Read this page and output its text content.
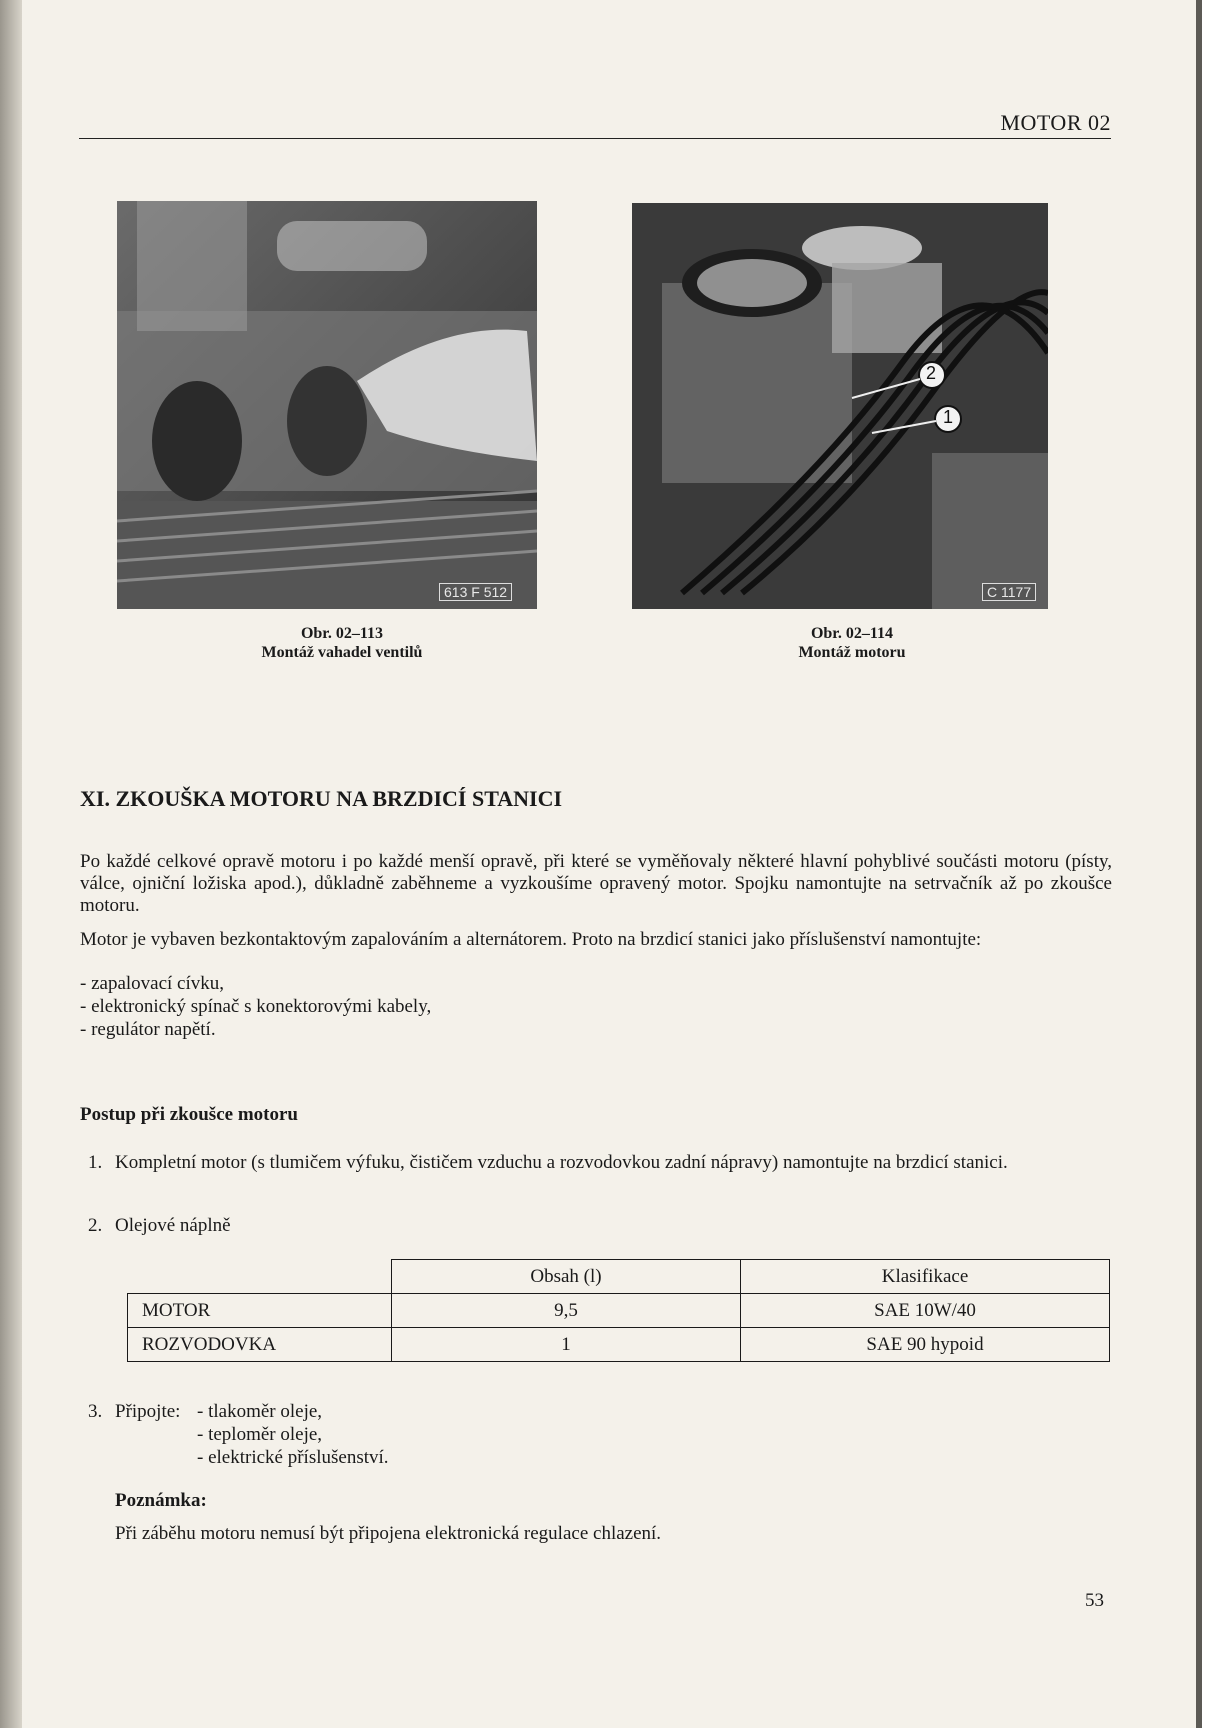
MOTOR 02
613 F 512
2
1
C 1177
Obr. 02–113
Montáž vahadel ventilů
Obr. 02–114
Montáž motoru
XI. ZKOUŠKA MOTORU NA BRZDICÍ STANICI
Po každé celkové opravě motoru i po každé menší opravě, při které se vyměňovaly některé hlavní pohyblivé součásti motoru (písty, válce, ojniční ložiska apod.), důkladně zaběhneme a vyzkoušíme opravený motor. Spojku namontujte na setrvačník až po zkoušce motoru.
Motor je vybaven bezkontaktovým zapalováním a alternátorem. Proto na brzdicí stanici jako příslušenství namontujte:
- zapalovací cívku,
- elektronický spínač s konektorovými kabely,
- regulátor napětí.
Postup při zkoušce motoru
1. Kompletní motor (s tlumičem výfuku, čističem vzduchu a rozvodovkou zadní nápravy) namontujte na brzdicí stanici.
2. Olejové náplně
	Obsah (l)	Klasifikace
MOTOR	9,5	SAE 10W/40
ROZVODOVKA	1	SAE 90 hypoid
3. Připojte: - tlakoměr oleje,
- teploměr oleje,
- elektrické příslušenství.
Poznámka:
Při záběhu motoru nemusí být připojena elektronická regulace chlazení.
53
